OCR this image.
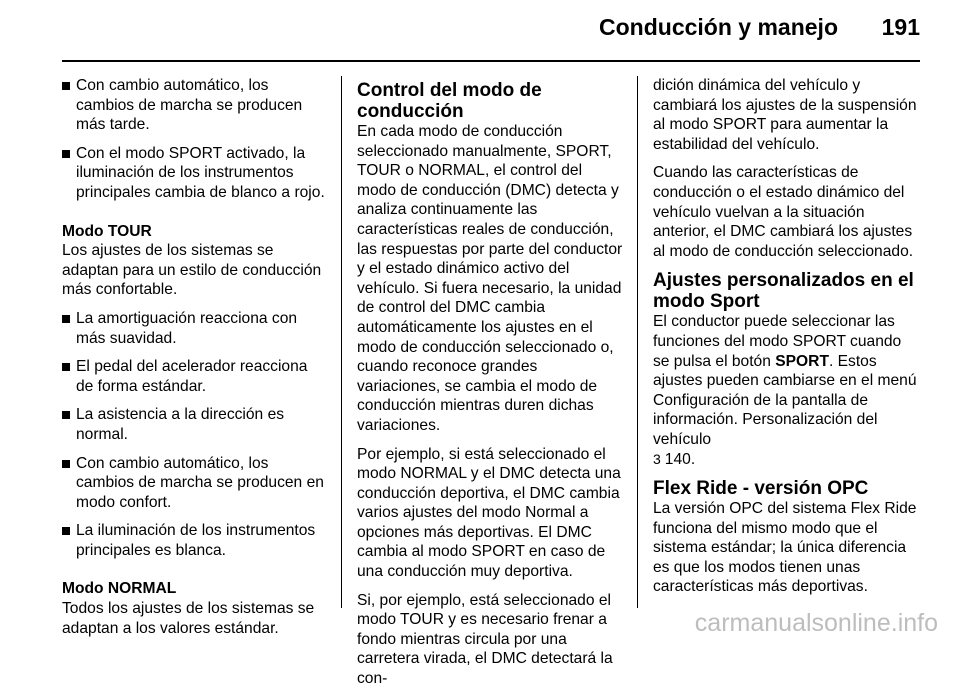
Conducción y manejo 191
Con cambio automático, los cambios de marcha se producen más tarde.
Con el modo SPORT activado, la iluminación de los instrumentos principales cambia de blanco a rojo.
Modo TOUR
Los ajustes de los sistemas se adaptan para un estilo de conducción más confortable.
La amortiguación reacciona con más suavidad.
El pedal del acelerador reacciona de forma estándar.
La asistencia a la dirección es normal.
Con cambio automático, los cambios de marcha se producen en modo confort.
La iluminación de los instrumentos principales es blanca.
Modo NORMAL
Todos los ajustes de los sistemas se adaptan a los valores estándar.
Control del modo de conducción
En cada modo de conducción seleccionado manualmente, SPORT, TOUR o NORMAL, el control del modo de conducción (DMC) detecta y analiza continuamente las características reales de conducción, las respuestas por parte del conductor y el estado dinámico activo del vehículo. Si fuera necesario, la unidad de control del DMC cambia automáticamente los ajustes en el modo de conducción seleccionado o, cuando reconoce grandes variaciones, se cambia el modo de conducción mientras duren dichas variaciones.
Por ejemplo, si está seleccionado el modo NORMAL y el DMC detecta una conducción deportiva, el DMC cambia varios ajustes del modo Normal a opciones más deportivas. El DMC cambia al modo SPORT en caso de una conducción muy deportiva.
Si, por ejemplo, está seleccionado el modo TOUR y es necesario frenar a fondo mientras circula por una carretera virada, el DMC detectará la con-
dición dinámica del vehículo y cambiará los ajustes de la suspensión al modo SPORT para aumentar la estabilidad del vehículo.
Cuando las características de conducción o el estado dinámico del vehículo vuelvan a la situación anterior, el DMC cambiará los ajustes al modo de conducción seleccionado.
Ajustes personalizados en el modo Sport
El conductor puede seleccionar las funciones del modo SPORT cuando se pulsa el botón SPORT. Estos ajustes pueden cambiarse en el menú Configuración de la pantalla de información. Personalización del vehículo
3 140.
Flex Ride - versión OPC
La versión OPC del sistema Flex Ride funciona del mismo modo que el sistema estándar; la única diferencia es que los modos tienen unas características más deportivas.
carmanualsonline.info
